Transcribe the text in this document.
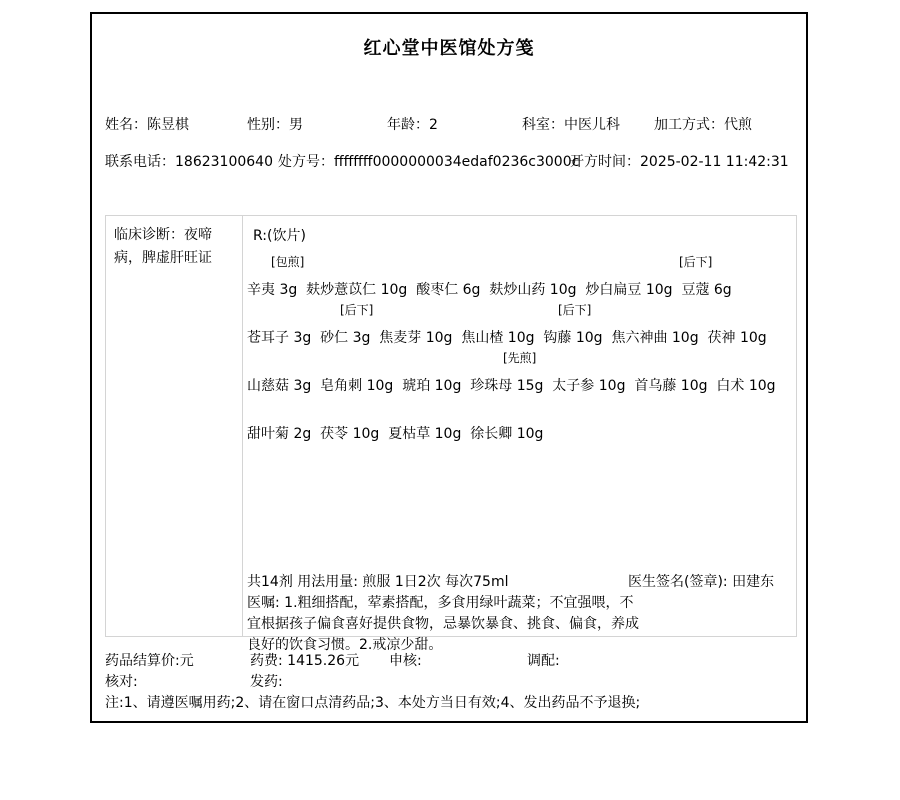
红心堂中医馆处方笺
姓名：陈昱棋	性别：男	年龄：2	科室：中医儿科 加工方式：代煎
联系电话：18623100640 处方号：ffffffff0000000034edaf0236c3000c
开方时间：2025-02-11 11:42:31
临床诊断：夜啼病，脾虚肝旺证
R:(饮片)
[包煎]	[后下]
辛夷 3g  麸炒薏苡仁 10g  酸枣仁 6g  麸炒山药 10g  炒白扁豆 10g  豆蔻 6g
[后下]	[后下]
苍耳子 3g  砂仁 3g  焦麦芽 10g  焦山楂 10g  钩藤 10g  焦六神曲 10g  茯神 10g
[先煎]
山慈菇 3g  皂角刺 10g  琥珀 10g  珍珠母 15g  太子参 10g  首乌藤 10g  白术 10g
甜叶菊 2g  茯苓 10g  夏枯草 10g  徐长卿 10g
共14剂 用法用量: 煎服 1日2次 每次75ml	医生签名(签章): 田建东
医嘱: 1.粗细搭配，荤素搭配，多食用绿叶蔬菜；不宜强喂，不宜根据孩子偏食喜好提供食物，忌暴饮暴食、挑食、偏食，养成良好的饮食习惯。2.戒凉少甜。
药品结算价:元	药费: 1415.26元 申核:	调配:
核对:	发药:
注:1、请遵医嘱用药;2、请在窗口点清药品;3、本处方当日有效;4、发出药品不予退换;
